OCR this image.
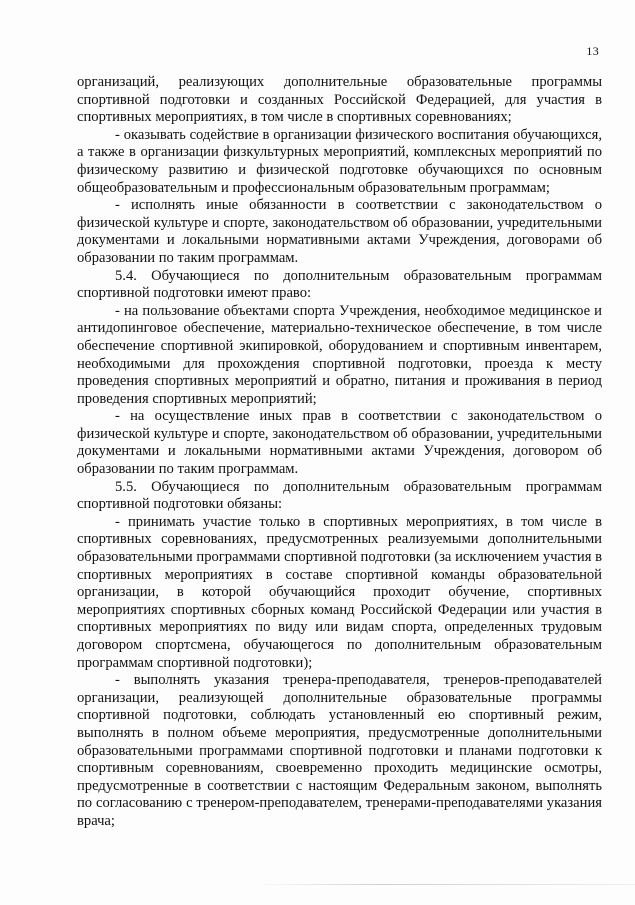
13

организаций, реализующих дополнительные образовательные программы спортивной подготовки и созданных Российской Федерацией, для участия в спортивных мероприятиях, в том числе в спортивных соревнованиях;

- оказывать содействие в организации физического воспитания обучающихся, а также в организации физкультурных мероприятий, комплексных мероприятий по физическому развитию и физической подготовке обучающихся по основным общеобразовательным и профессиональным образовательным программам;

- исполнять иные обязанности в соответствии с законодательством о физической культуре и спорте, законодательством об образовании, учредительными документами и локальными нормативными актами Учреждения, договорами об образовании по таким программам.

5.4. Обучающиеся по дополнительным образовательным программам спортивной подготовки имеют право:

- на пользование объектами спорта Учреждения, необходимое медицинское и антидопинговое обеспечение, материально-техническое обеспечение, в том числе обеспечение спортивной экипировкой, оборудованием и спортивным инвентарем, необходимыми для прохождения спортивной подготовки, проезда к месту проведения спортивных мероприятий и обратно, питания и проживания в период проведения спортивных мероприятий;

- на осуществление иных прав в соответствии с законодательством о физической культуре и спорте, законодательством об образовании, учредительными документами и локальными нормативными актами Учреждения, договором об образовании по таким программам.

5.5. Обучающиеся по дополнительным образовательным программам спортивной подготовки обязаны:

- принимать участие только в спортивных мероприятиях, в том числе в спортивных соревнованиях, предусмотренных реализуемыми дополнительными образовательными программами спортивной подготовки (за исключением участия в спортивных мероприятиях в составе спортивной команды образовательной организации, в которой обучающийся проходит обучение, спортивных мероприятиях спортивных сборных команд Российской Федерации или участия в спортивных мероприятиях по виду или видам спорта, определенных трудовым договором спортсмена, обучающегося по дополнительным образовательным программам спортивной подготовки);

- выполнять указания тренера-преподавателя, тренеров-преподавателей организации, реализующей дополнительные образовательные программы спортивной подготовки, соблюдать установленный ею спортивный режим, выполнять в полном объеме мероприятия, предусмотренные дополнительными образовательными программами спортивной подготовки и планами подготовки к спортивным соревнованиям, своевременно проходить медицинские осмотры, предусмотренные в соответствии с настоящим Федеральным законом, выполнять по согласованию с тренером-преподавателем, тренерами-преподавателями указания врача;
